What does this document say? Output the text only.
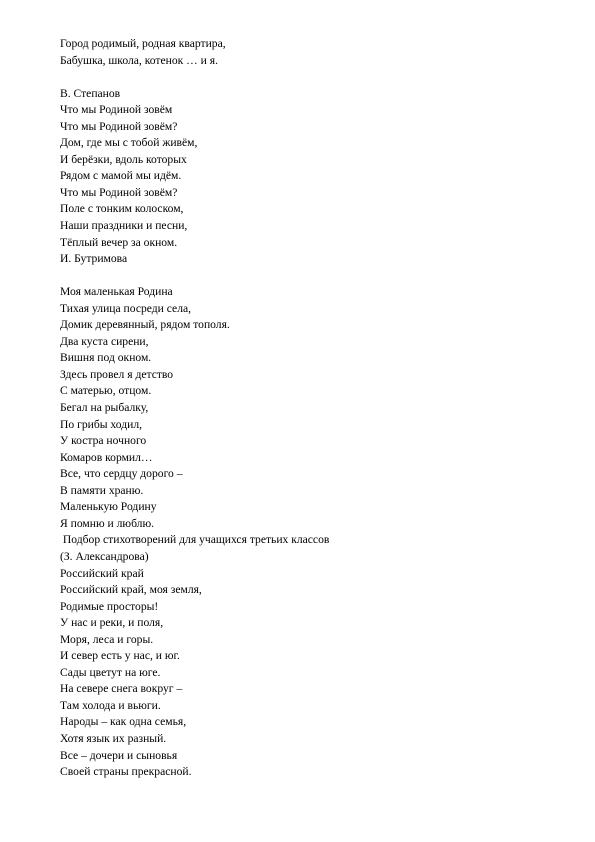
Город родимый, родная квартира,
Бабушка, школа, котенок … и я.
В. Степанов
Что мы Родиной зовём
Что мы Родиной зовём?
Дом, где мы с тобой живём,
И берёзки, вдоль которых
Рядом с мамой мы идём.
Что мы Родиной зовём?
Поле с тонким колоском,
Наши праздники и песни,
Тёплый вечер за окном.
И. Бутримова
Моя маленькая Родина
Тихая улица посреди села,
Домик деревянный, рядом тополя.
Два куста сирени,
Вишня под окном.
Здесь провел я детство
С матерью, отцом.
Бегал на рыбалку,
По грибы ходил,
У костра ночного
Комаров кормил…
Все, что сердцу дорого –
В памяти храню.
Маленькую Родину
Я помню и люблю.
Подбор стихотворений для учащихся третьих классов
(З. Александрова)
Российский край
Российский край, моя земля,
Родимые просторы!
У нас и реки, и поля,
Моря, леса и горы.
И север есть у нас, и юг.
Сады цветут на юге.
На севере снега вокруг –
Там холода и вьюги.
Народы – как одна семья,
Хотя язык их разный.
Все – дочери и сыновья
Своей страны прекрасной.
